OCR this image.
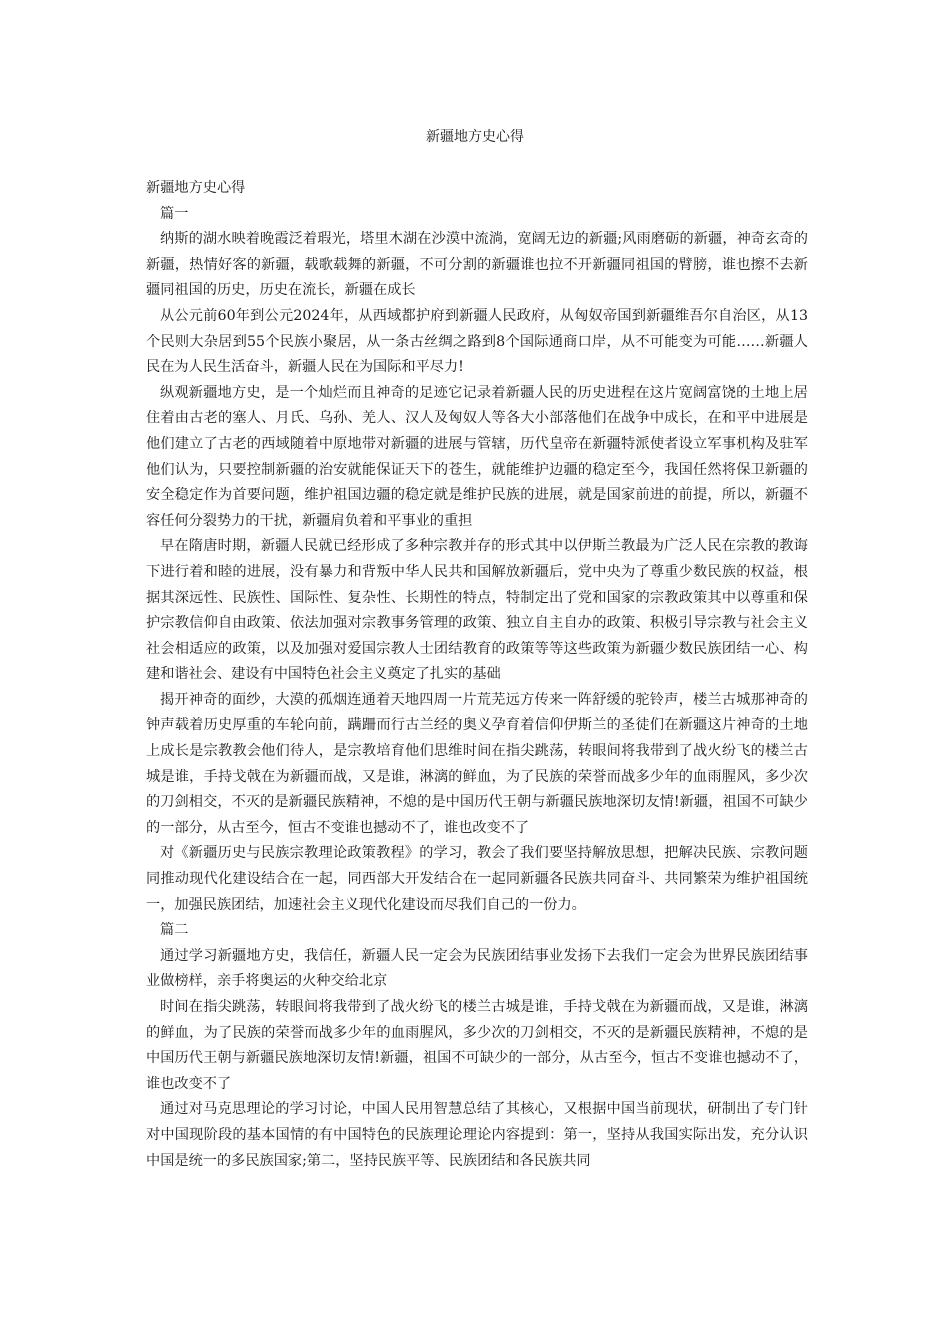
新疆地方史心得

新疆地方史心得

篇一

纳斯的湖水映着晚霞泛着瑕光，塔里木湖在沙漠中流淌，宽阔无边的新疆;风雨磨砺的新疆，神奇玄奇的新疆，热情好客的新疆，载歌载舞的新疆，不可分割的新疆谁也拉不开新疆同祖国的臂膀，谁也擦不去新疆同祖国的历史，历史在流长，新疆在成长

从公元前60年到公元2024年，从西域都护府到新疆人民政府，从匈奴帝国到新疆维吾尔自治区，从13个民则大杂居到55个民族小聚居，从一条古丝绸之路到8个国际通商口岸，从不可能变为可能……新疆人民在为人民生活奋斗，新疆人民在为国际和平尽力!

纵观新疆地方史，是一个灿烂而且神奇的足迹它记录着新疆人民的历史进程在这片宽阔富饶的土地上居住着由古老的塞人、月氏、乌孙、羌人、汉人及匈奴人等各大小部落他们在战争中成长，在和平中进展是他们建立了古老的西域随着中原地带对新疆的进展与管辖，历代皇帝在新疆特派使者设立军事机构及驻军他们认为，只要控制新疆的治安就能保证天下的苍生，就能维护边疆的稳定至今，我国任然将保卫新疆的安全稳定作为首要问题，维护祖国边疆的稳定就是维护民族的进展，就是国家前进的前提，所以，新疆不容任何分裂势力的干扰，新疆肩负着和平事业的重担

早在隋唐时期，新疆人民就已经形成了多种宗教并存的形式其中以伊斯兰教最为广泛人民在宗教的教诲下进行着和睦的进展，没有暴力和背叛中华人民共和国解放新疆后，党中央为了尊重少数民族的权益，根据其深远性、民族性、国际性、复杂性、长期性的特点，特制定出了党和国家的宗教政策其中以尊重和保护宗教信仰自由政策、依法加强对宗教事务管理的政策、独立自主自办的政策、积极引导宗教与社会主义社会相适应的政策，以及加强对爱国宗教人士团结教育的政策等等这些政策为新疆少数民族团结一心、构建和谐社会、建设有中国特色社会主义奠定了扎实的基础

揭开神奇的面纱，大漠的孤烟连通着天地四周一片荒芜远方传来一阵舒缓的驼铃声，楼兰古城那神奇的钟声载着历史厚重的车轮向前，蹒跚而行古兰经的奥义孕育着信仰伊斯兰的圣徒们在新疆这片神奇的土地上成长是宗教教会他们待人，是宗教培育他们思维时间在指尖跳荡，转眼间将我带到了战火纷飞的楼兰古城是谁，手持戈戟在为新疆而战，又是谁，淋漓的鲜血，为了民族的荣誉而战多少年的血雨腥风，多少次的刀剑相交，不灭的是新疆民族精神，不熄的是中国历代王朝与新疆民族地深切友情!新疆，祖国不可缺少的一部分，从古至今，恒古不变谁也撼动不了，谁也改变不了

对《新疆历史与民族宗教理论政策教程》的学习，教会了我们要坚持解放思想，把解决民族、宗教问题同推动现代化建设结合在一起，同西部大开发结合在一起同新疆各民族共同奋斗、共同繁荣为维护祖国统一，加强民族团结，加速社会主义现代化建设而尽我们自己的一份力。

篇二

通过学习新疆地方史，我信任，新疆人民一定会为民族团结事业发扬下去我们一定会为世界民族团结事业做榜样，亲手将奥运的火种交给北京

时间在指尖跳荡，转眼间将我带到了战火纷飞的楼兰古城是谁，手持戈戟在为新疆而战，又是谁，淋漓的鲜血，为了民族的荣誉而战多少年的血雨腥风，多少次的刀剑相交，不灭的是新疆民族精神，不熄的是中国历代王朝与新疆民族地深切友情!新疆，祖国不可缺少的一部分，从古至今，恒古不变谁也撼动不了，谁也改变不了

通过对马克思理论的学习讨论，中国人民用智慧总结了其核心，又根据中国当前现状，研制出了专门针对中国现阶段的基本国情的有中国特色的民族理论理论内容提到：第一，坚持从我国实际出发，充分认识中国是统一的多民族国家;第二，坚持民族平等、民族团结和各民族共同
